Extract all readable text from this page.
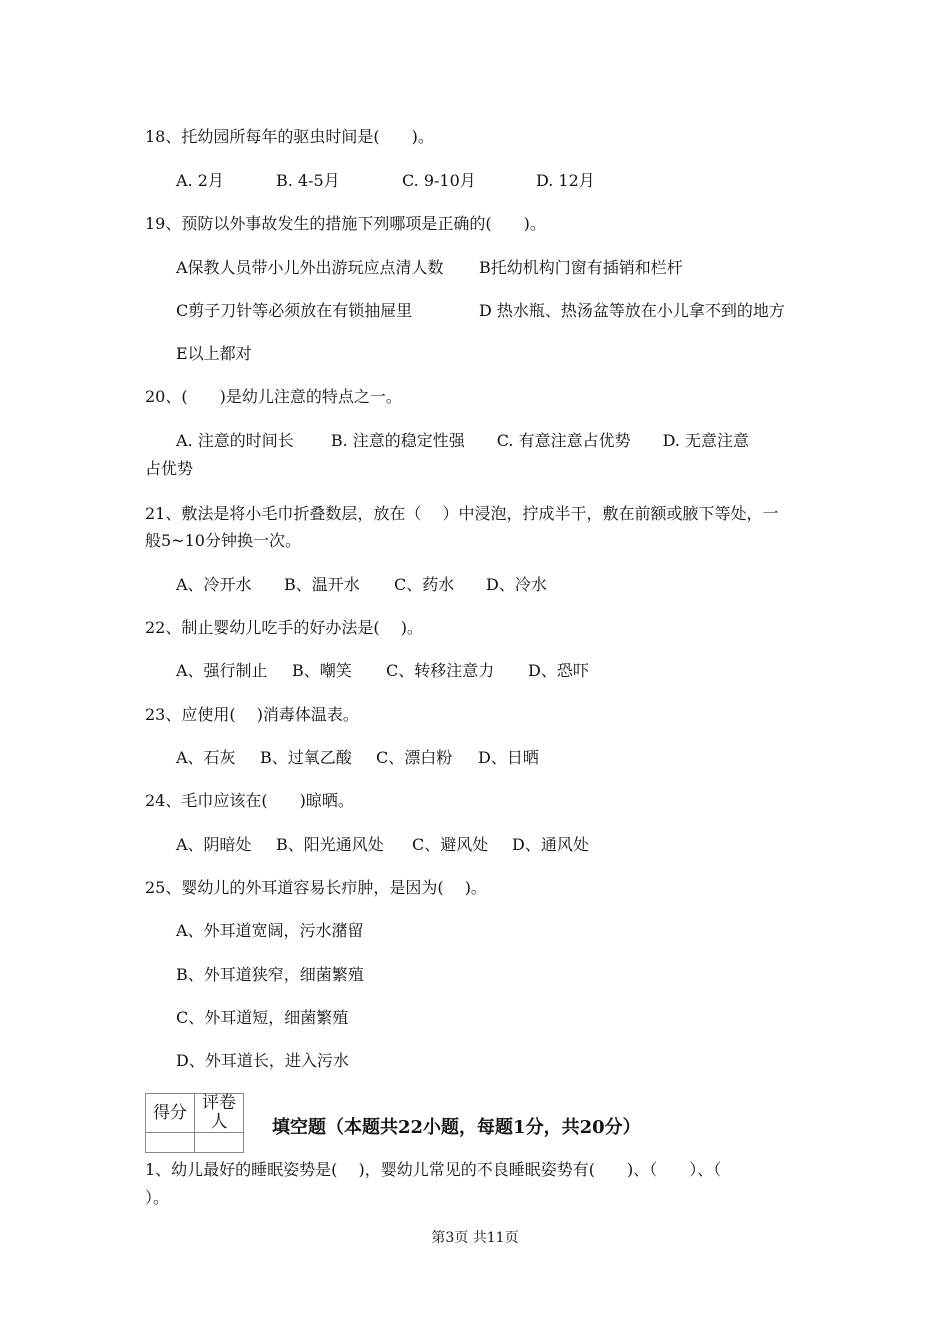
18、托幼园所每年的驱虫时间是(　　)。
A. 2月	B. 4-5月	C. 9-10月	D. 12月
19、预防以外事故发生的措施下列哪项是正确的(　　)。
A保教人员带小儿外出游玩应点清人数 B托幼机构门窗有插销和栏杆
C剪子刀针等必须放在有锁抽屉里	D 热水瓶、热汤盆等放在小儿拿不到的地方
E以上都对
20、(　　)是幼儿注意的特点之一。
A. 注意的时间长　　 B. 注意的稳定性强　　C. 有意注意占优势　　D. 无意注意
占优势
21、敷法是将小毛巾折叠数层，放在（　 ）中浸泡，拧成半干，敷在前额或腋下等处，一
般5~10分钟换一次。
A、冷开水 B、温开水 C、药水 D、冷水
22、制止婴幼儿吃手的好办法是(　 )。
A、强行制止 B、嘲笑 C、转移注意力 D、恐吓
23、应使用(　 )消毒体温表。
A、石灰 B、过氧乙酸 C、漂白粉 D、日晒
24、毛巾应该在(　　)晾晒。
A、阴暗处 B、阳光通风处 C、避风处 D、通风处
25、婴幼儿的外耳道容易长疖肿，是因为(　 )。
A、外耳道宽阔，污水潴留
B、外耳道狭窄，细菌繁殖
C、外耳道短，细菌繁殖
D、外耳道长，进入污水
得分	评卷人
	填空题（本题共22小题，每题1分，共20分）
1、幼儿最好的睡眠姿势是(　 )，婴幼儿常见的不良睡眠姿势有(　　)、（　　）、（
）。
第3页 共11页
